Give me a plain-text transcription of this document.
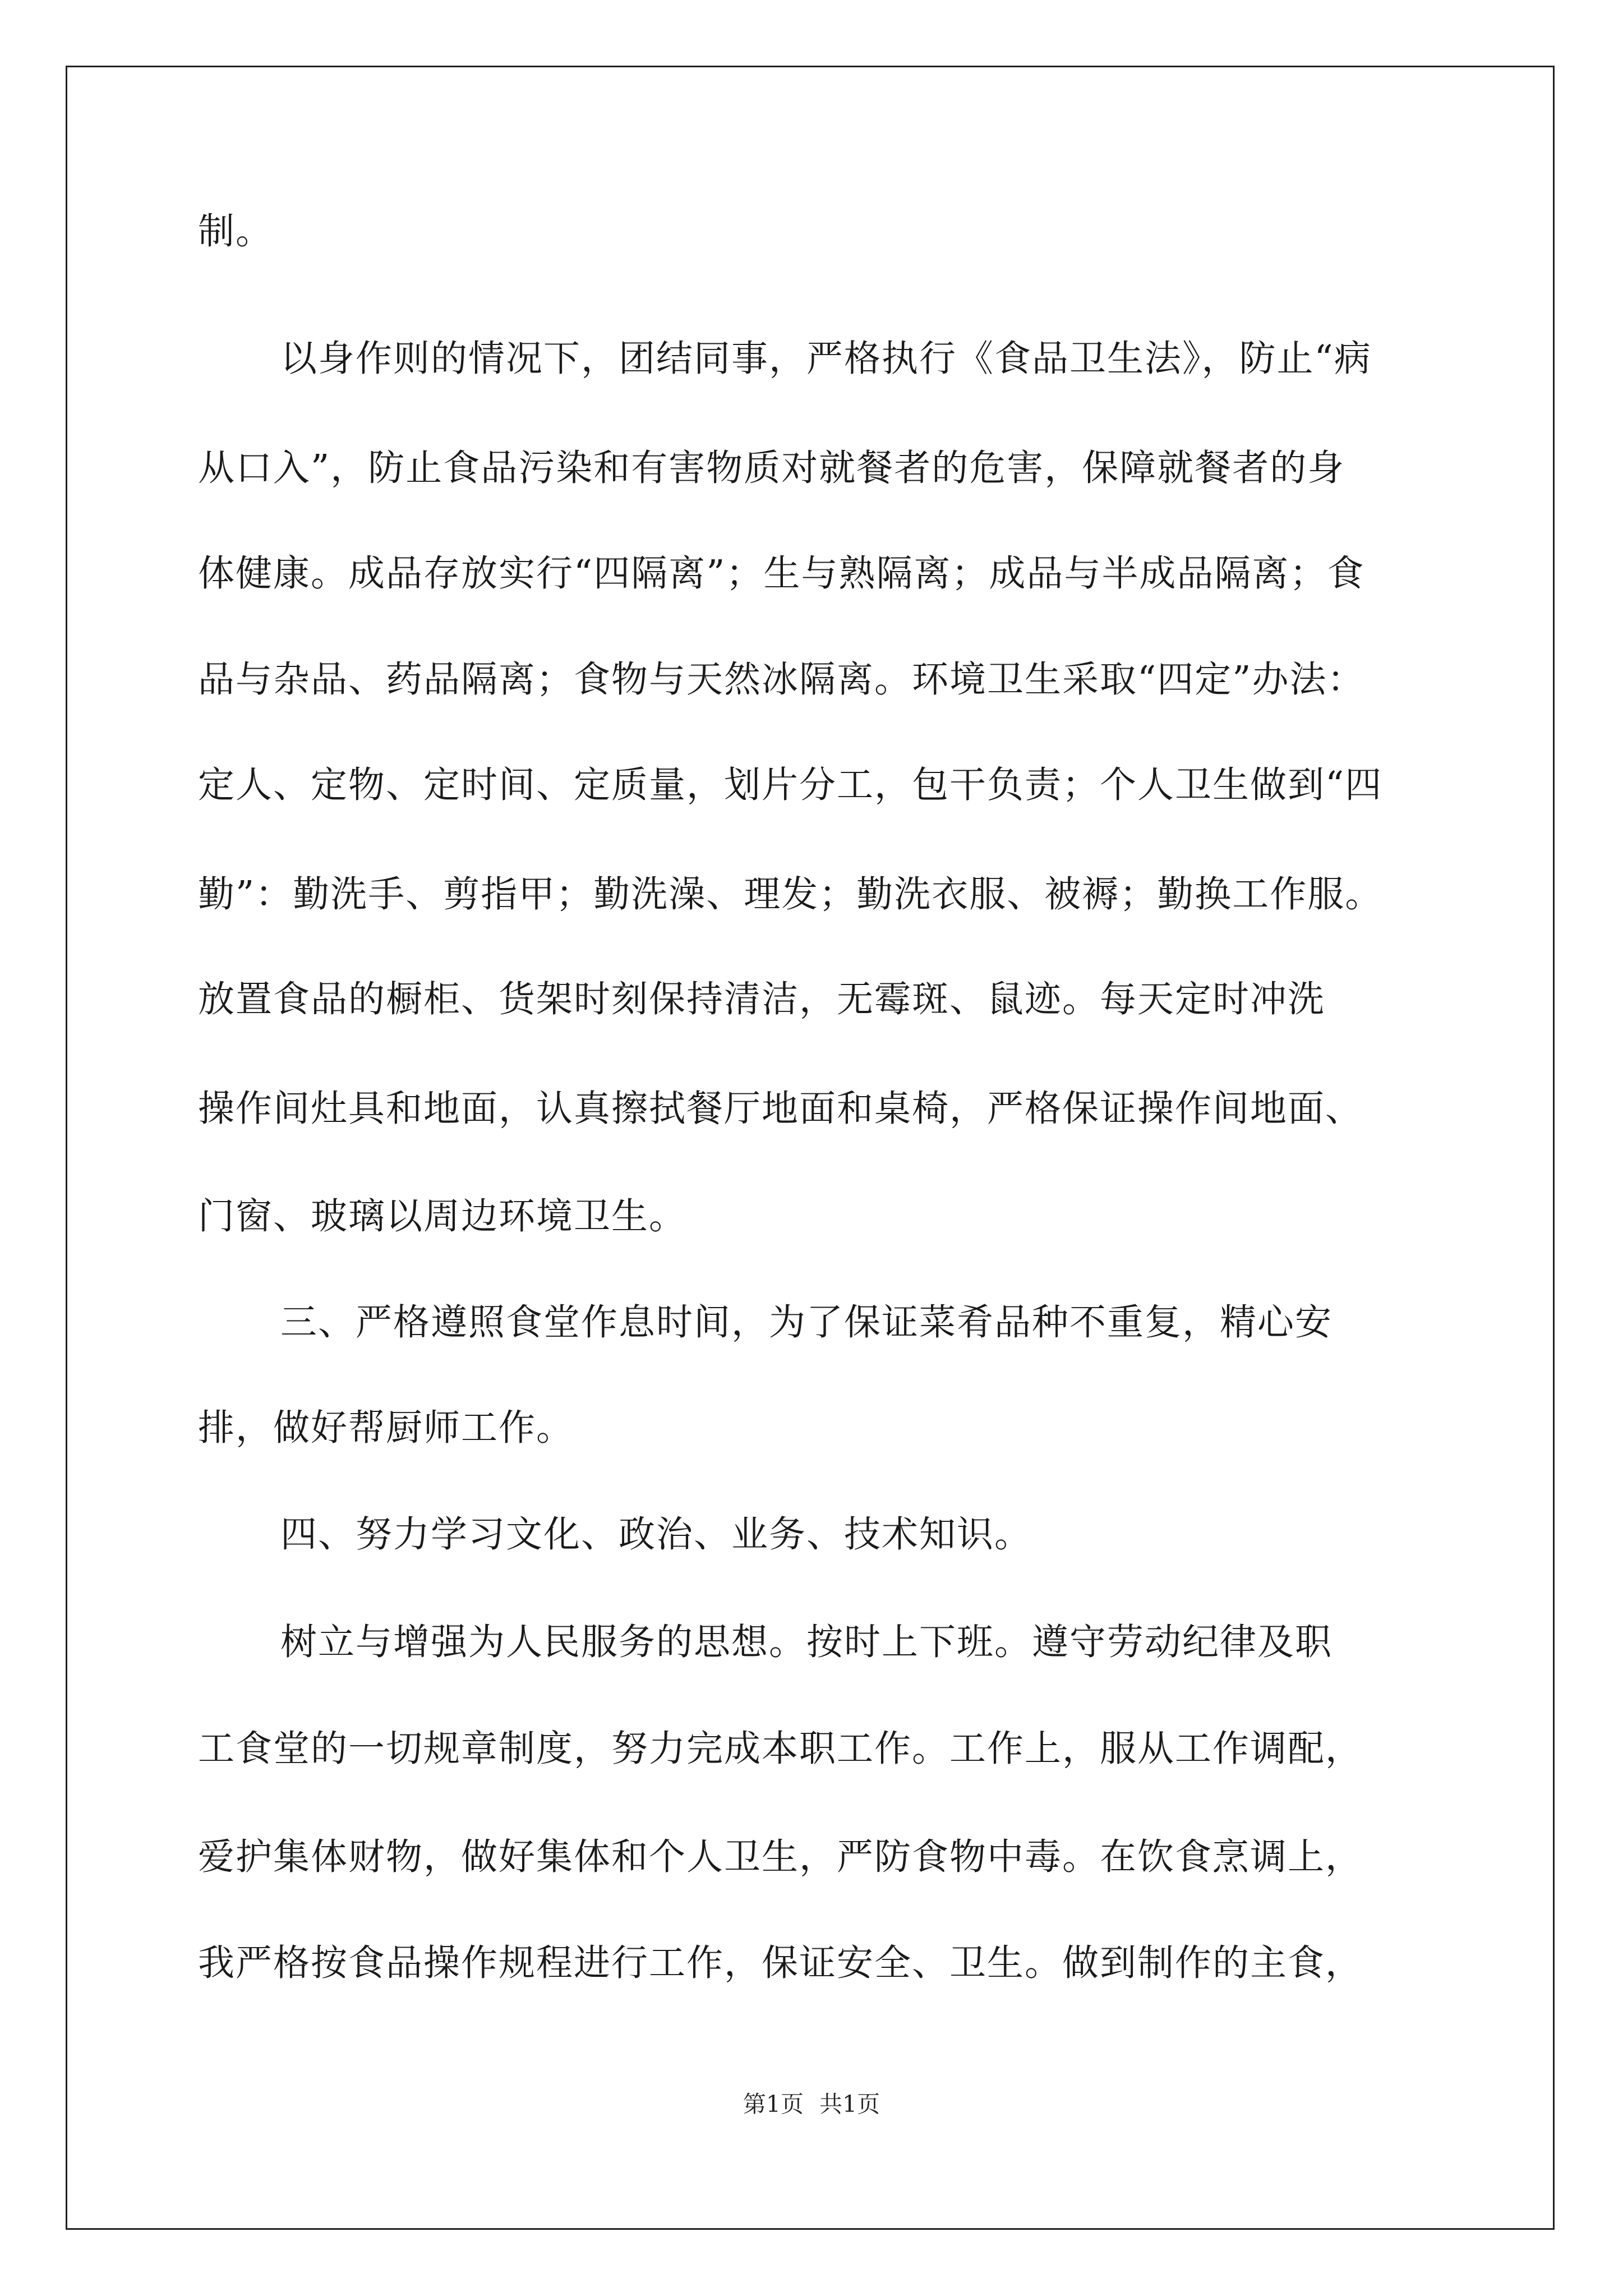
制。
以身作则的情况下，团结同事，严格执行《食品卫生法》，防止“病
从口入”，防止食品污染和有害物质对就餐者的危害，保障就餐者的身
体健康。成品存放实行“四隔离”；生与熟隔离；成品与半成品隔离；食
品与杂品、药品隔离；食物与天然冰隔离。环境卫生采取“四定”办法：
定人、定物、定时间、定质量，划片分工，包干负责；个人卫生做到“四
勤”：勤洗手、剪指甲；勤洗澡、理发；勤洗衣服、被褥；勤换工作服。
放置食品的橱柜、货架时刻保持清洁，无霉斑、鼠迹。每天定时冲洗
操作间灶具和地面，认真擦拭餐厅地面和桌椅，严格保证操作间地面、
门窗、玻璃以周边环境卫生。
三、严格遵照食堂作息时间，为了保证菜肴品种不重复，精心安
排，做好帮厨师工作。
四、努力学习文化、政治、业务、技术知识。
树立与增强为人民服务的思想。按时上下班。遵守劳动纪律及职
工食堂的一切规章制度，努力完成本职工作。工作上，服从工作调配，
爱护集体财物，做好集体和个人卫生，严防食物中毒。在饮食烹调上，
我严格按食品操作规程进行工作，保证安全、卫生。做到制作的主食，
第1页 共1页
